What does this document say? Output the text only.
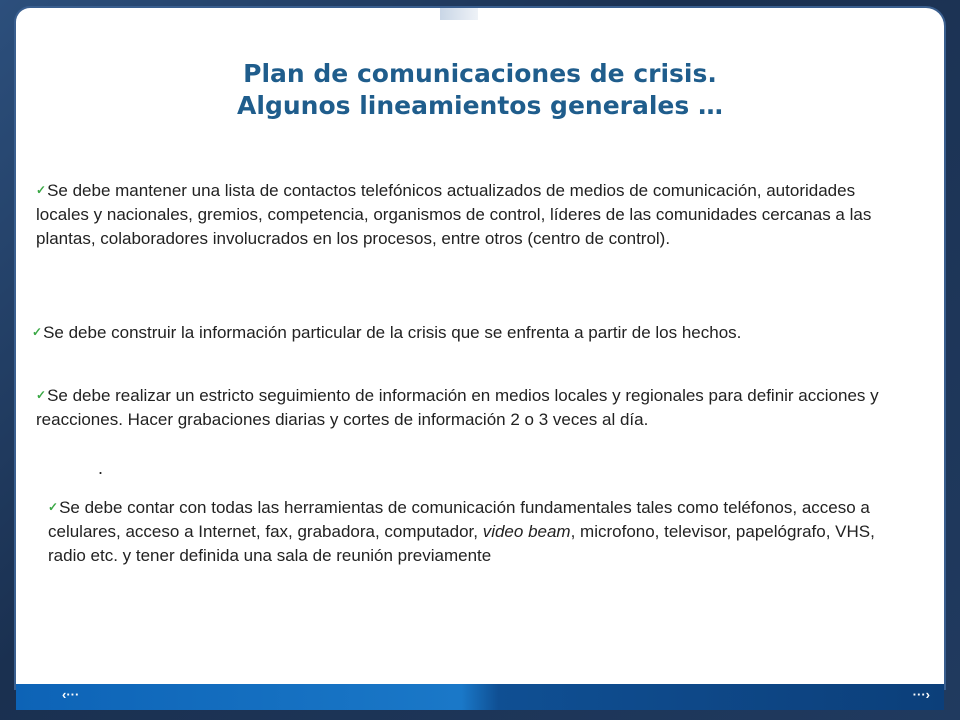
Plan de comunicaciones de crisis.
Algunos lineamientos generales …
✓Se debe mantener una lista de contactos telefónicos actualizados de medios de comunicación, autoridades locales y nacionales, gremios, competencia, organismos de control, líderes de las comunidades cercanas a las plantas, colaboradores involucrados en los procesos, entre otros (centro de control).
✓Se debe construir la información particular de la crisis que se enfrenta a partir de los hechos.
✓Se debe realizar un estricto seguimiento de información en medios locales y regionales para definir acciones y reacciones. Hacer grabaciones diarias y cortes de información 2 o 3 veces al día.
.
✓Se debe contar con todas las herramientas de comunicación fundamentales tales como teléfonos, acceso a celulares, acceso a Internet, fax, grabadora, computador, video beam, microfono, televisor, papelógrafo, VHS, radio etc. y tener definida una sala de reunión previamente
‹···	···›
